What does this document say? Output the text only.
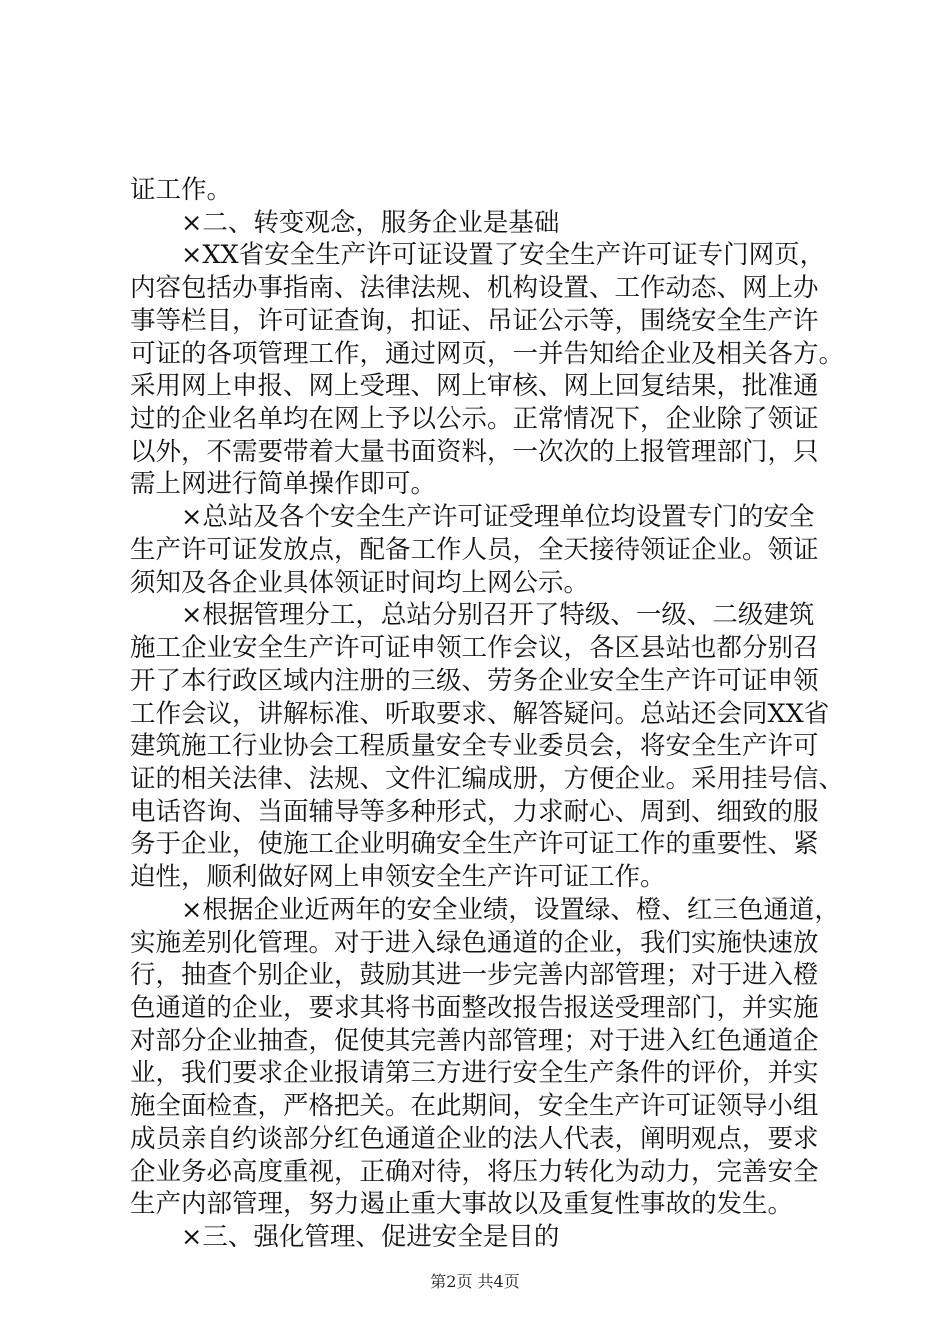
证工作。
×二、转变观念，服务企业是基础
×XX省安全生产许可证设置了安全生产许可证专门网页，
内容包括办事指南、法律法规、机构设置、工作动态、网上办
事等栏目，许可证查询，扣证、吊证公示等，围绕安全生产许
可证的各项管理工作，通过网页，一并告知给企业及相关各方。
采用网上申报、网上受理、网上审核、网上回复结果，批准通
过的企业名单均在网上予以公示。正常情况下，企业除了领证
以外，不需要带着大量书面资料，一次次的上报管理部门，只
需上网进行简单操作即可。
×总站及各个安全生产许可证受理单位均设置专门的安全
生产许可证发放点，配备工作人员，全天接待领证企业。领证
须知及各企业具体领证时间均上网公示。
×根据管理分工，总站分别召开了特级、一级、二级建筑
施工企业安全生产许可证申领工作会议，各区县站也都分别召
开了本行政区域内注册的三级、劳务企业安全生产许可证申领
工作会议，讲解标准、听取要求、解答疑问。总站还会同XX省
建筑施工行业协会工程质量安全专业委员会，将安全生产许可
证的相关法律、法规、文件汇编成册，方便企业。采用挂号信、
电话咨询、当面辅导等多种形式，力求耐心、周到、细致的服
务于企业，使施工企业明确安全生产许可证工作的重要性、紧
迫性，顺利做好网上申领安全生产许可证工作。
×根据企业近两年的安全业绩，设置绿、橙、红三色通道，
实施差别化管理。对于进入绿色通道的企业，我们实施快速放
行，抽查个别企业，鼓励其进一步完善内部管理；对于进入橙
色通道的企业，要求其将书面整改报告报送受理部门，并实施
对部分企业抽查，促使其完善内部管理；对于进入红色通道企
业，我们要求企业报请第三方进行安全生产条件的评价，并实
施全面检查，严格把关。在此期间，安全生产许可证领导小组
成员亲自约谈部分红色通道企业的法人代表，阐明观点，要求
企业务必高度重视，正确对待，将压力转化为动力，完善安全
生产内部管理，努力遏止重大事故以及重复性事故的发生。
第2页 共4页
×三、强化管理、促进安全是目的
